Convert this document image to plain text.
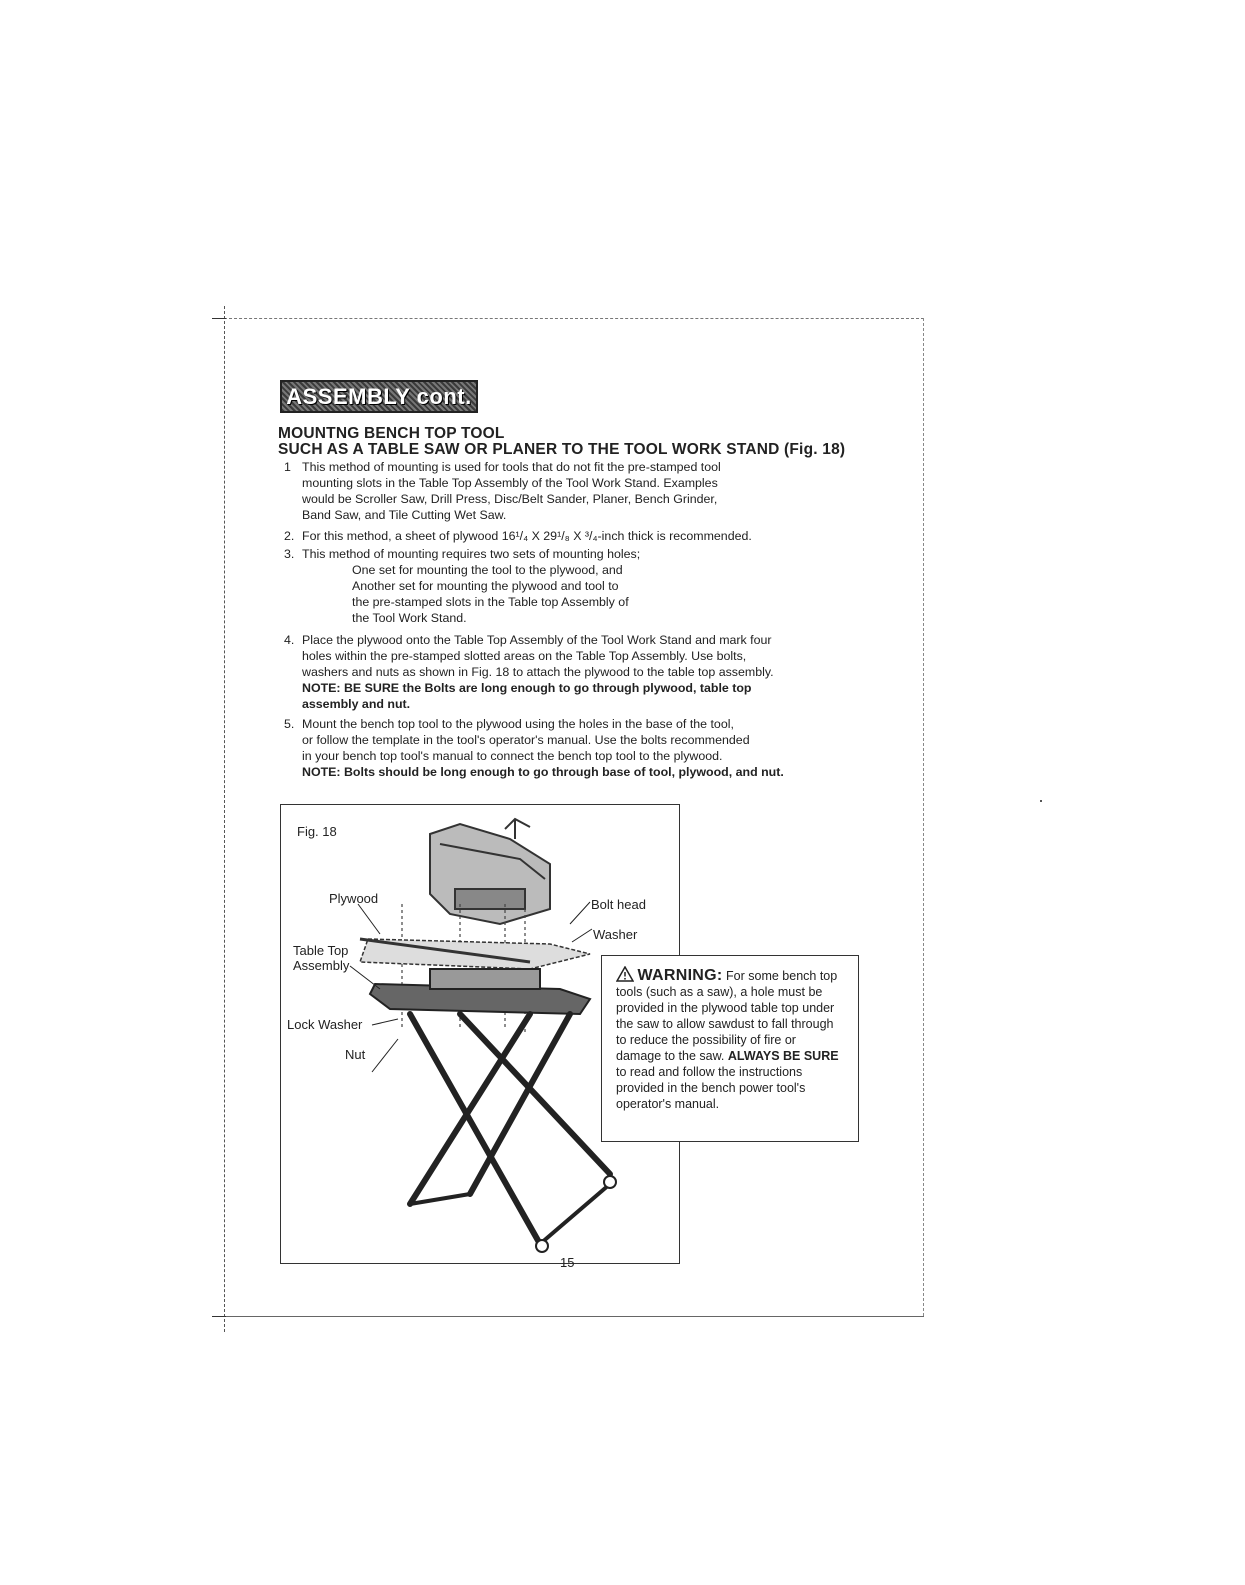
ASSEMBLY cont.
MOUNTNG BENCH TOP TOOL
SUCH AS A TABLE SAW OR PLANER TO THE TOOL WORK STAND (Fig. 18)
1 This method of mounting is used for tools that do not fit the pre-stamped tool
mounting slots in the Table Top Assembly of the Tool Work Stand. Examples
would be Scroller Saw, Drill Press, Disc/Belt Sander, Planer, Bench Grinder,
Band Saw, and Tile Cutting Wet Saw.
2. For this method, a sheet of plywood 16¹/₄ X 29¹/₈ X ³/₄-inch thick is recommended.
3. This method of mounting requires two sets of mounting holes;
One set for mounting the tool to the plywood, and
Another set for mounting the plywood and tool to
the pre-stamped slots in the Table top Assembly of
the Tool Work Stand.
4. Place the plywood onto the Table Top Assembly of the Tool Work Stand and mark four
holes within the pre-stamped slotted areas on the Table Top Assembly. Use bolts,
washers and nuts as shown in Fig. 18 to attach the plywood to the table top assembly.
NOTE: BE SURE the Bolts are long enough to go through plywood, table top
assembly and nut.
5. Mount the bench top tool to the plywood using the holes in the base of the tool,
or follow the template in the tool's operator's manual. Use the bolts recommended
in your bench top tool's manual to connect the bench top tool to the plywood.
NOTE: Bolts should be long enough to go through base of tool, plywood, and nut.
Fig. 18
Plywood
Table Top
Assembly
Lock Washer
Nut
Bolt head
Washer
WARNING: For some bench top tools (such as a saw), a hole must be provided in the plywood table top under the saw to allow sawdust to fall through to reduce the possibility of fire or damage to the saw. ALWAYS BE SURE to read and follow the instructions provided in the bench power tool's operator's manual.
15
